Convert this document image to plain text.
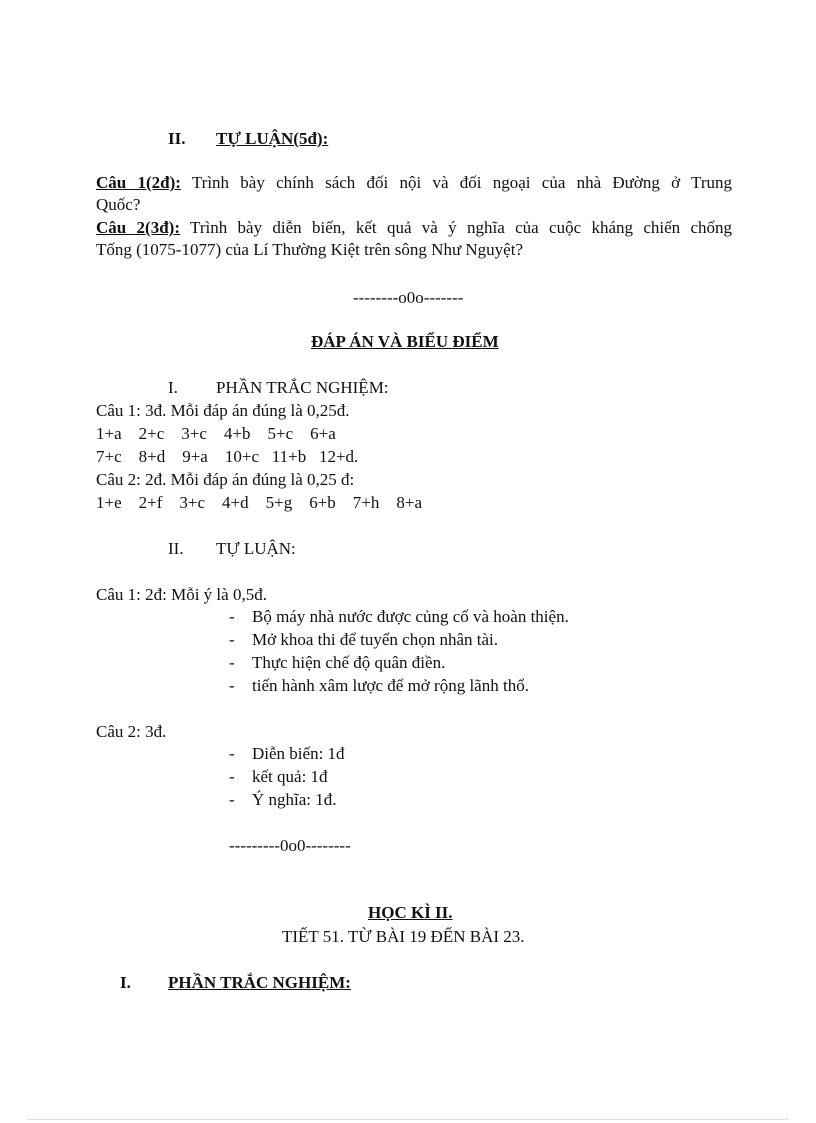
II. TỰ LUẬN(5đ):
Câu 1(2đ): Trình bày chính sách đối nội và đối ngoại của nhà Đường ở Trung
Quốc?
Câu 2(3đ): Trình bày diễn biến, kết quả và ý nghĩa của cuộc kháng chiến chống
Tống (1075-1077) của Lí Thường Kiệt trên sông Như Nguyệt?
--------o0o-------
ĐÁP ÁN VÀ BIỂU ĐIỂM
I. PHẦN TRẮC NGHIỆM:
Câu 1: 3đ. Mỗi đáp án đúng là 0,25đ.
1+a    2+c    3+c    4+b    5+c    6+a
7+c    8+d    9+a    10+c   11+b   12+d.
Câu 2: 2đ. Mỗi đáp án đúng là 0,25 đ:
1+e    2+f    3+c    4+d    5+g    6+b    7+h    8+a
II. TỰ LUẬN:
Câu 1: 2đ: Mỗi ý là 0,5đ.
- Bộ máy nhà nước được củng cố và hoàn thiện.
- Mở khoa thi để tuyển chọn nhân tài.
- Thực hiện chế độ quân điền.
- tiến hành xâm lược để mở rộng lãnh thổ.
Câu 2: 3đ.
- Diễn biến: 1đ
- kết quả: 1đ
- Ý nghĩa: 1đ.
---------0o0--------
HỌC KÌ II.
TIẾT 51. TỪ BÀI 19 ĐẾN BÀI 23.
I. PHẦN TRẮC NGHIỆM:
